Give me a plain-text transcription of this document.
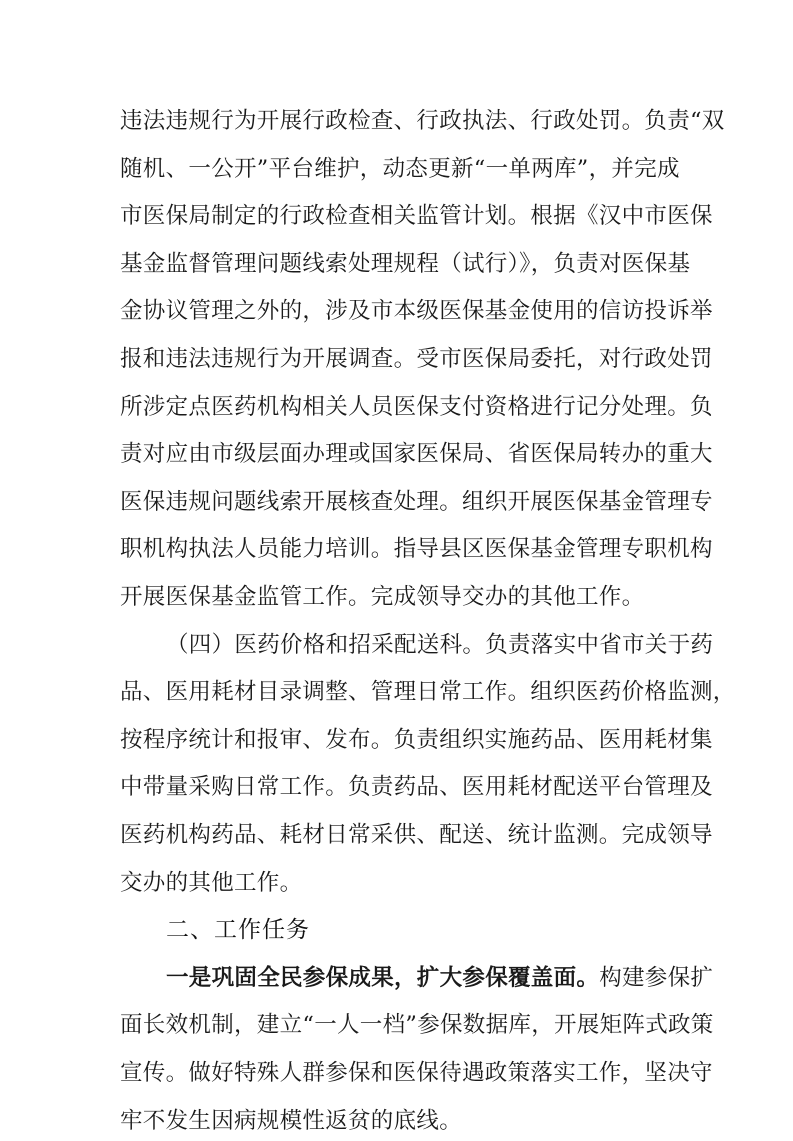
违法违规行为开展行政检查、行政执法、行政处罚。负责“双
随机、一公开”平台维护，动态更新“一单两库”，并完成
市医保局制定的行政检查相关监管计划。根据《汉中市医保
基金监督管理问题线索处理规程（试行）》，负责对医保基
金协议管理之外的，涉及市本级医保基金使用的信访投诉举
报和违法违规行为开展调查。受市医保局委托，对行政处罚
所涉定点医药机构相关人员医保支付资格进行记分处理。负
责对应由市级层面办理或国家医保局、省医保局转办的重大
医保违规问题线索开展核查处理。组织开展医保基金管理专
职机构执法人员能力培训。指导县区医保基金管理专职机构
开展医保基金监管工作。完成领导交办的其他工作。
（四）医药价格和招采配送科。负责落实中省市关于药
品、医用耗材目录调整、管理日常工作。组织医药价格监测，
按程序统计和报审、发布。负责组织实施药品、医用耗材集
中带量采购日常工作。负责药品、医用耗材配送平台管理及
医药机构药品、耗材日常采供、配送、统计监测。完成领导
交办的其他工作。
二、工作任务
一是巩固全民参保成果，扩大参保覆盖面。构建参保扩
面长效机制，建立“一人一档”参保数据库，开展矩阵式政策
宣传。做好特殊人群参保和医保待遇政策落实工作，坚决守
牢不发生因病规模性返贫的底线。
